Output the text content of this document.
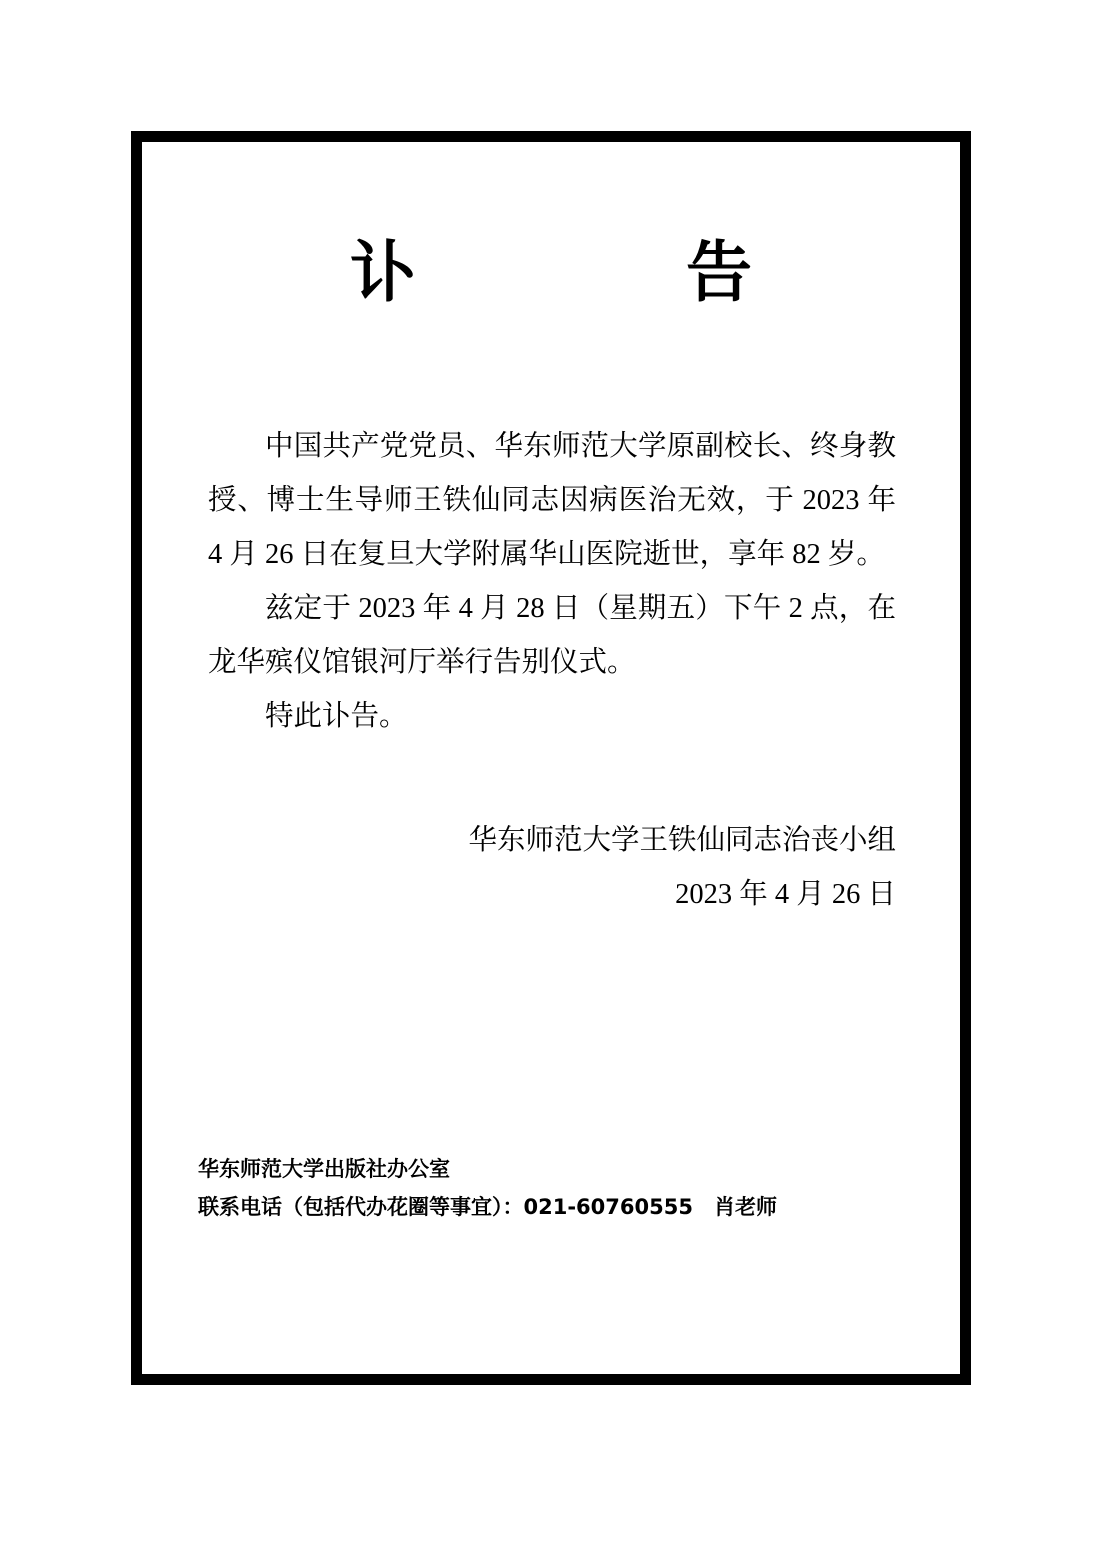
讣　　告

中国共产党党员、华东师范大学原副校长、终身教授、博士生导师王铁仙同志因病医治无效，于 2023 年 4 月 26 日在复旦大学附属华山医院逝世，享年 82 岁。

兹定于 2023 年 4 月 28 日（星期五）下午 2 点，在龙华殡仪馆银河厅举行告别仪式。

特此讣告。

华东师范大学王铁仙同志治丧小组
2023 年 4 月 26 日
华东师范大学出版社办公室
联系电话（包括代办花圈等事宜）：021-60760555　肖老师
